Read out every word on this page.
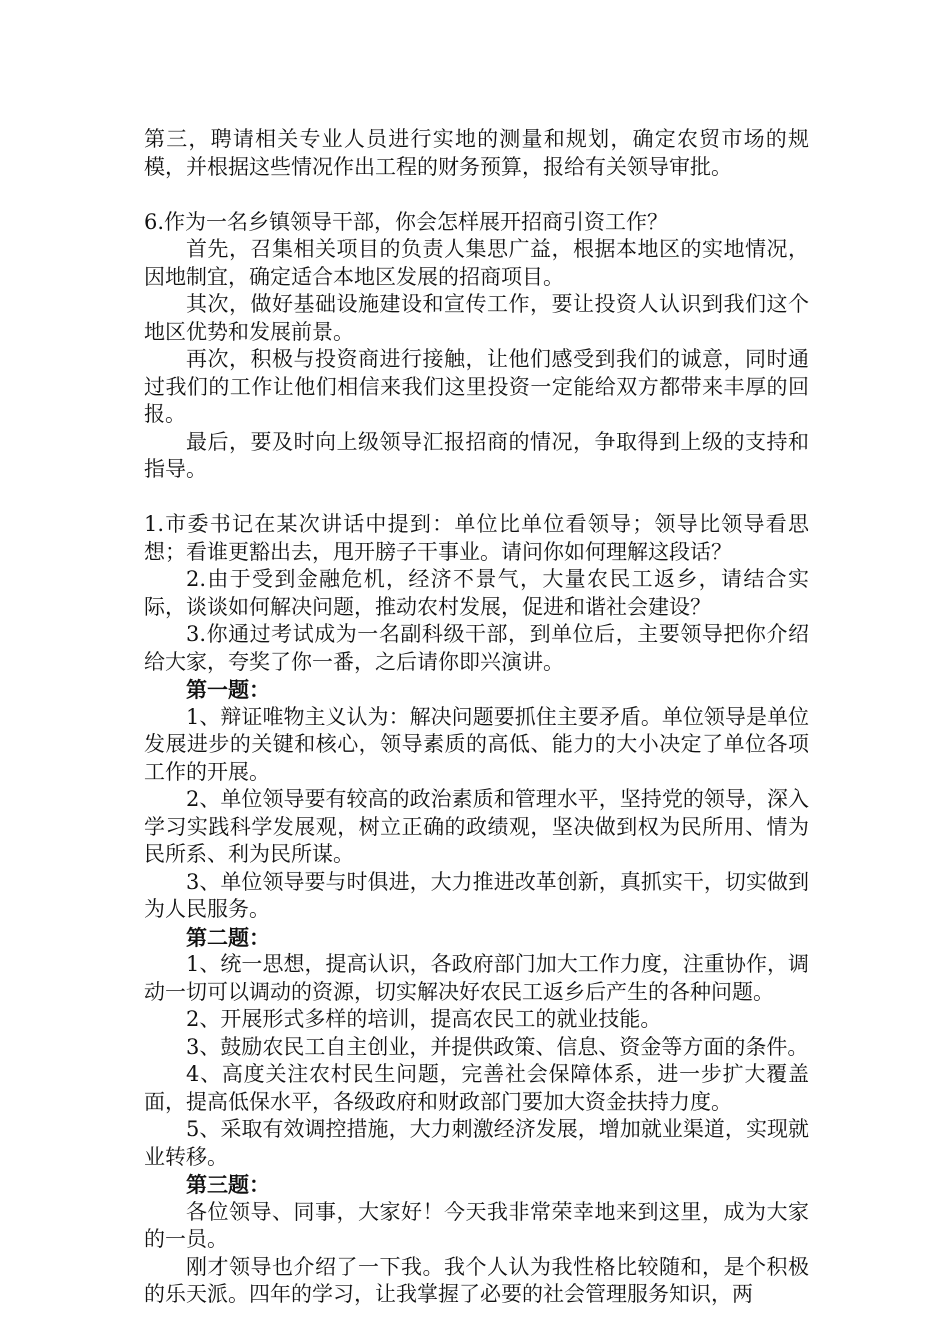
第三，聘请相关专业人员进行实地的测量和规划，确定农贸市场的规模，并根据这些情况作出工程的财务预算，报给有关领导审批。

6.作为一名乡镇领导干部，你会怎样展开招商引资工作？

首先，召集相关项目的负责人集思广益，根据本地区的实地情况，因地制宜，确定适合本地区发展的招商项目。

其次，做好基础设施建设和宣传工作，要让投资人认识到我们这个地区优势和发展前景。

再次，积极与投资商进行接触，让他们感受到我们的诚意，同时通过我们的工作让他们相信来我们这里投资一定能给双方都带来丰厚的回报。

最后，要及时向上级领导汇报招商的情况，争取得到上级的支持和指导。

1.市委书记在某次讲话中提到：单位比单位看领导；领导比领导看思想；看谁更豁出去，甩开膀子干事业。请问你如何理解这段话？

2.由于受到金融危机，经济不景气，大量农民工返乡，请结合实际，谈谈如何解决问题，推动农村发展，促进和谐社会建设？

3.你通过考试成为一名副科级干部，到单位后，主要领导把你介绍给大家，夸奖了你一番，之后请你即兴演讲。

第一题：

1、辩证唯物主义认为：解决问题要抓住主要矛盾。单位领导是单位发展进步的关键和核心，领导素质的高低、能力的大小决定了单位各项工作的开展。

2、单位领导要有较高的政治素质和管理水平，坚持党的领导，深入学习实践科学发展观，树立正确的政绩观，坚决做到权为民所用、情为民所系、利为民所谋。

3、单位领导要与时俱进，大力推进改革创新，真抓实干，切实做到为人民服务。

第二题：

1、统一思想，提高认识，各政府部门加大工作力度，注重协作，调动一切可以调动的资源，切实解决好农民工返乡后产生的各种问题。

2、开展形式多样的培训，提高农民工的就业技能。

3、鼓励农民工自主创业，并提供政策、信息、资金等方面的条件。

4、高度关注农村民生问题，完善社会保障体系，进一步扩大覆盖面，提高低保水平，各级政府和财政部门要加大资金扶持力度。

5、采取有效调控措施，大力刺激经济发展，增加就业渠道，实现就业转移。

第三题：

各位领导、同事，大家好！今天我非常荣幸地来到这里，成为大家的一员。

刚才领导也介绍了一下我。我个人认为我性格比较随和，是个积极的乐天派。四年的学习，让我掌握了必要的社会管理服务知识，两
